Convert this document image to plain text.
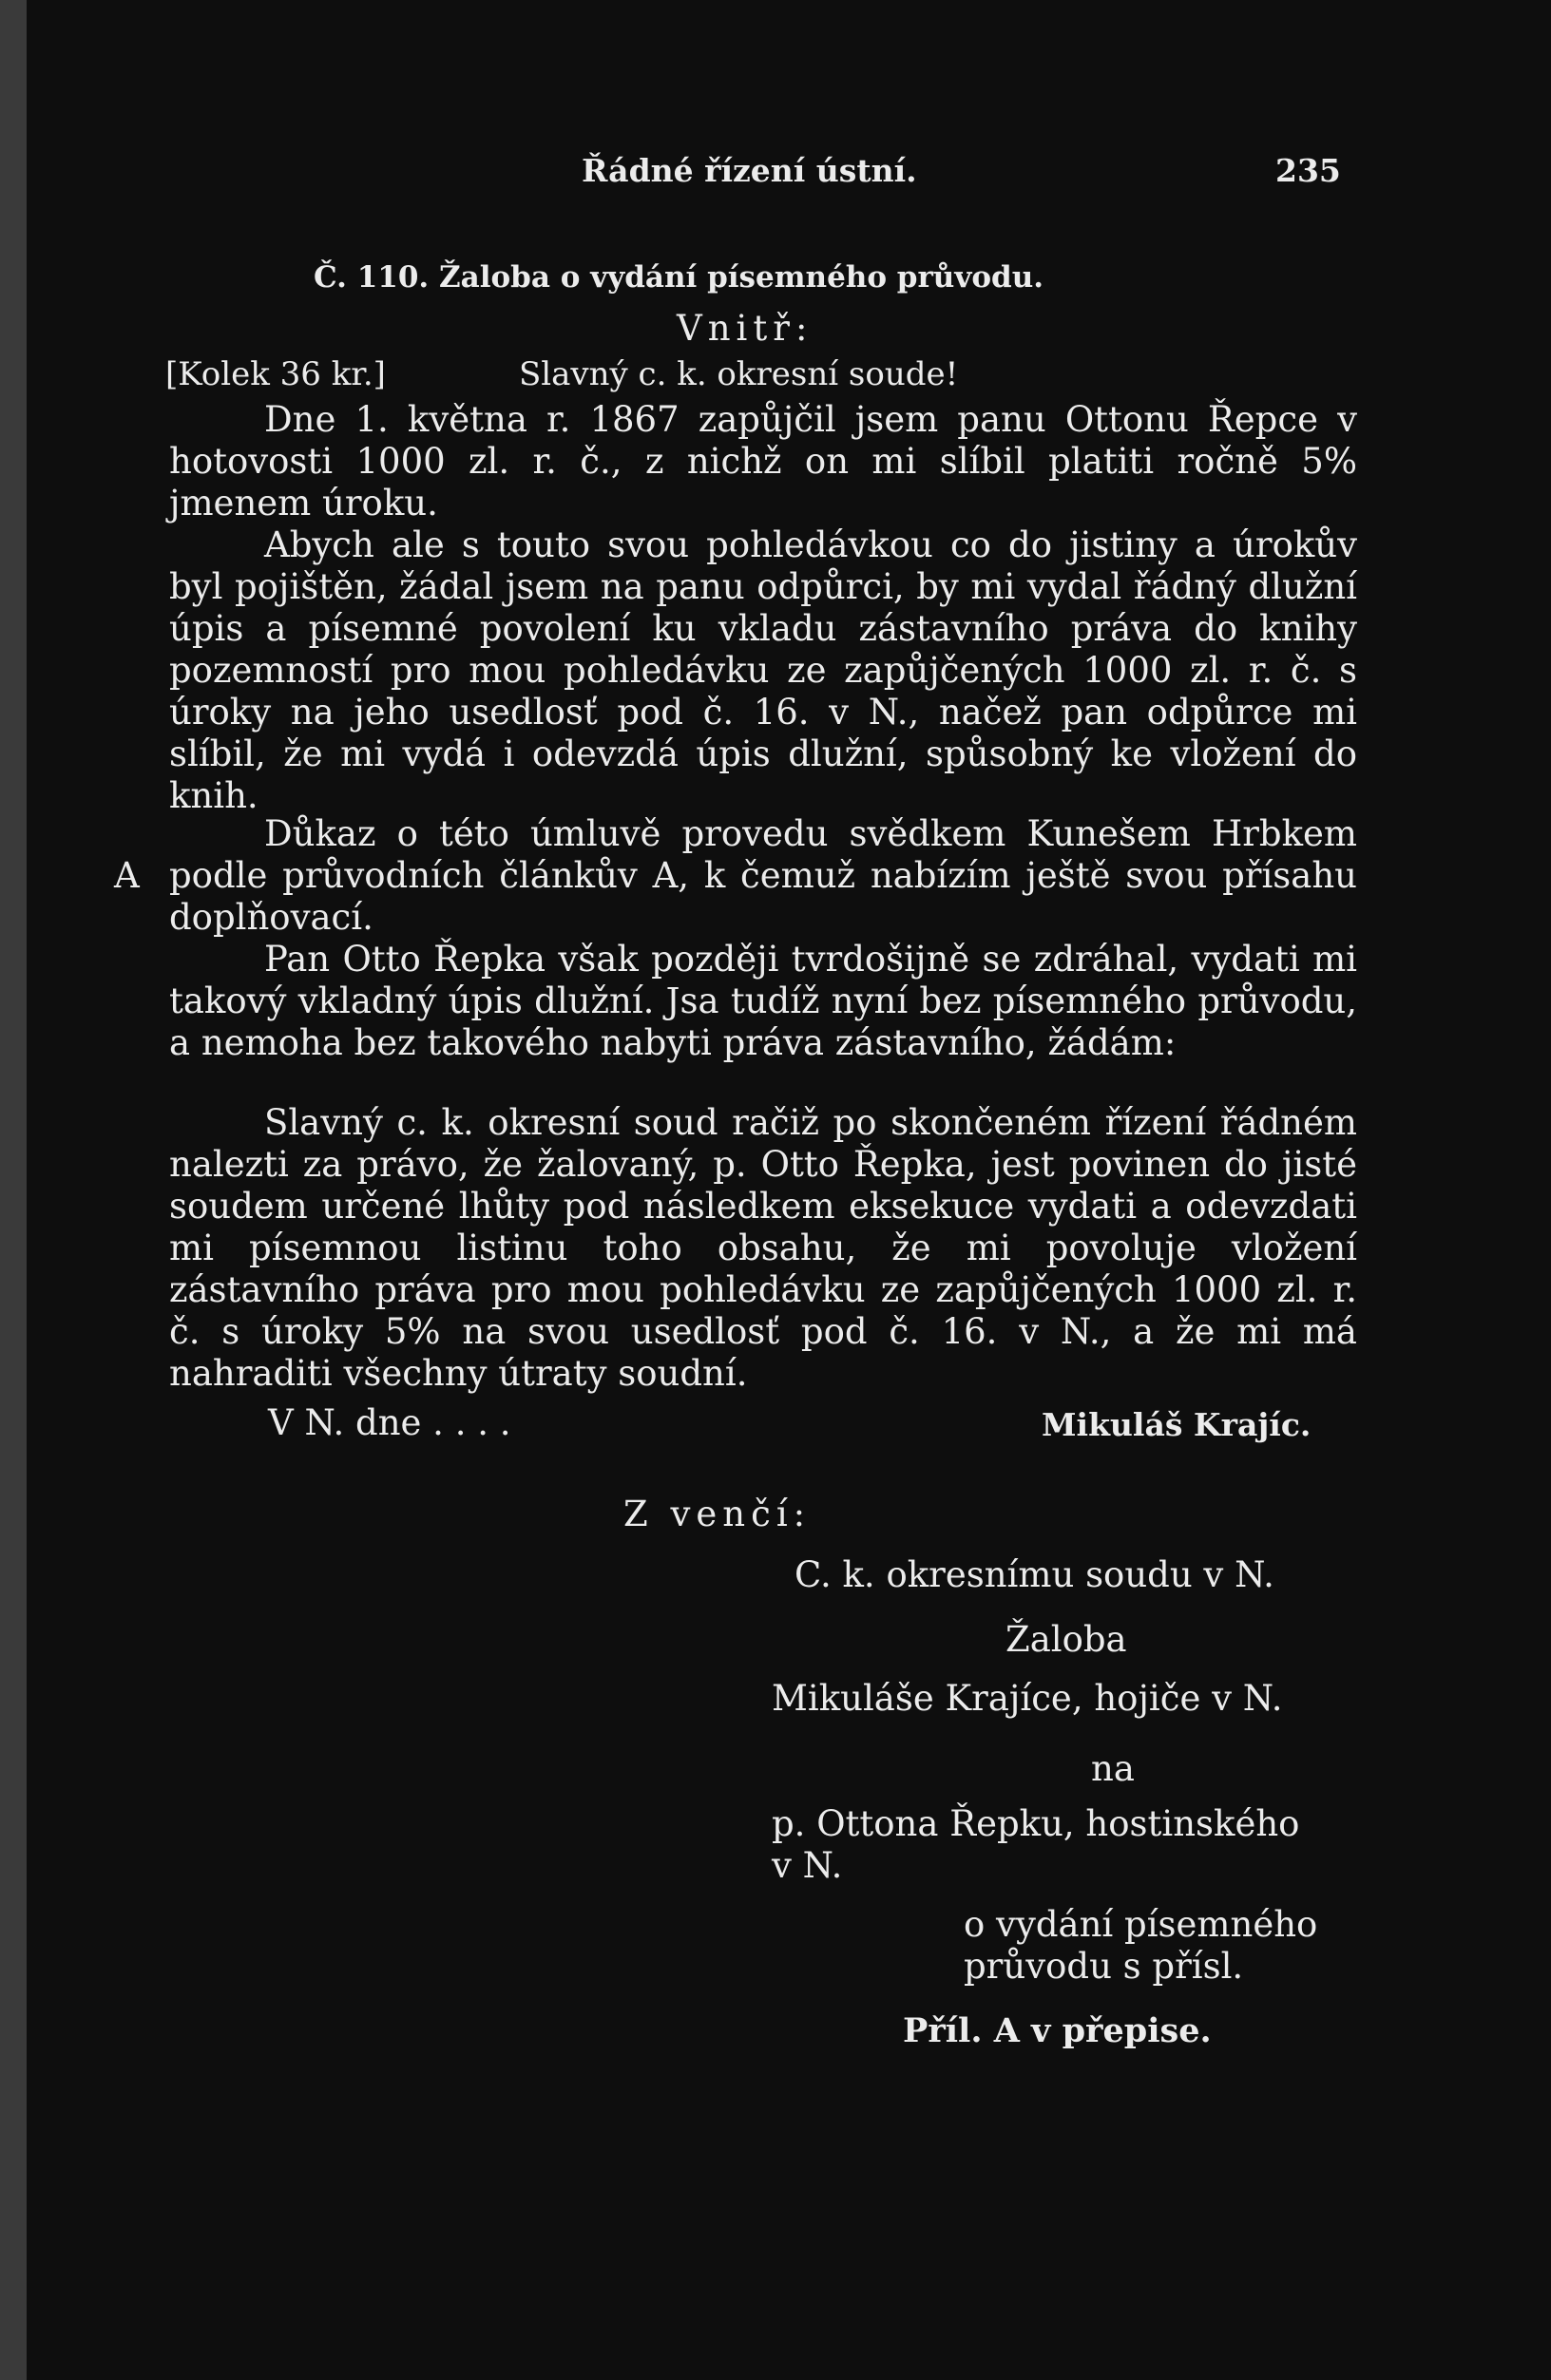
Řádné řízení ústní.	235
Č. 110. Žaloba o vydání písemného průvodu.
Vnitř:
[Kolek 36 kr.]	Slavný c. k. okresní soude!
Dne 1. května r. 1867 zapůjčil jsem panu Ottonu Řepce v hotovosti 1000 zl. r. č., z nichž on mi slíbil platiti ročně 5% jmenem úroku.
Abych ale s touto svou pohledávkou co do jistiny a úrokův byl pojištěn, žádal jsem na panu odpůrci, by mi vydal řádný dlužní úpis a písemné povolení ku vkladu zástavního práva do knihy pozemností pro mou pohledávku ze zapůjčených 1000 zl. r. č. s úroky na jeho usedlosť pod č. 16. v N., načež pan odpůrce mi slíbil, že mi vydá i odevzdá úpis dlužní, spůsobný ke vložení do knih.
A
Důkaz o této úmluvě provedu svědkem Kunešem Hrbkem podle průvodních článkův A, k čemuž nabízím ještě svou přísahu doplňovací.
Pan Otto Řepka však později tvrdošijně se zdráhal, vydati mi takový vkladný úpis dlužní. Jsa tudíž nyní bez písemného průvodu, a nemoha bez takového nabyti práva zástavního, žádám:
Slavný c. k. okresní soud račiž po skončeném řízení řádném nalezti za právo, že žalovaný, p. Otto Řepka, jest povinen do jisté soudem určené lhůty pod následkem eksekuce vydati a odevzdati mi písemnou listinu toho obsahu, že mi povoluje vložení zástavního práva pro mou pohledávku ze zapůjčených 1000 zl. r. č. s úroky 5% na svou usedlosť pod č. 16. v N., a že mi má nahraditi všechny útraty soudní.
V N. dne . . . .	Mikuláš Krajíc.
Z venčí:
C. k. okresnímu soudu v N.
Žaloba
Mikuláše Krajíce, hojiče v N.
na
p. Ottona Řepku, hostinského
v N.
o vydání písemného
průvodu s přísl.
Příl. A v přepise.
